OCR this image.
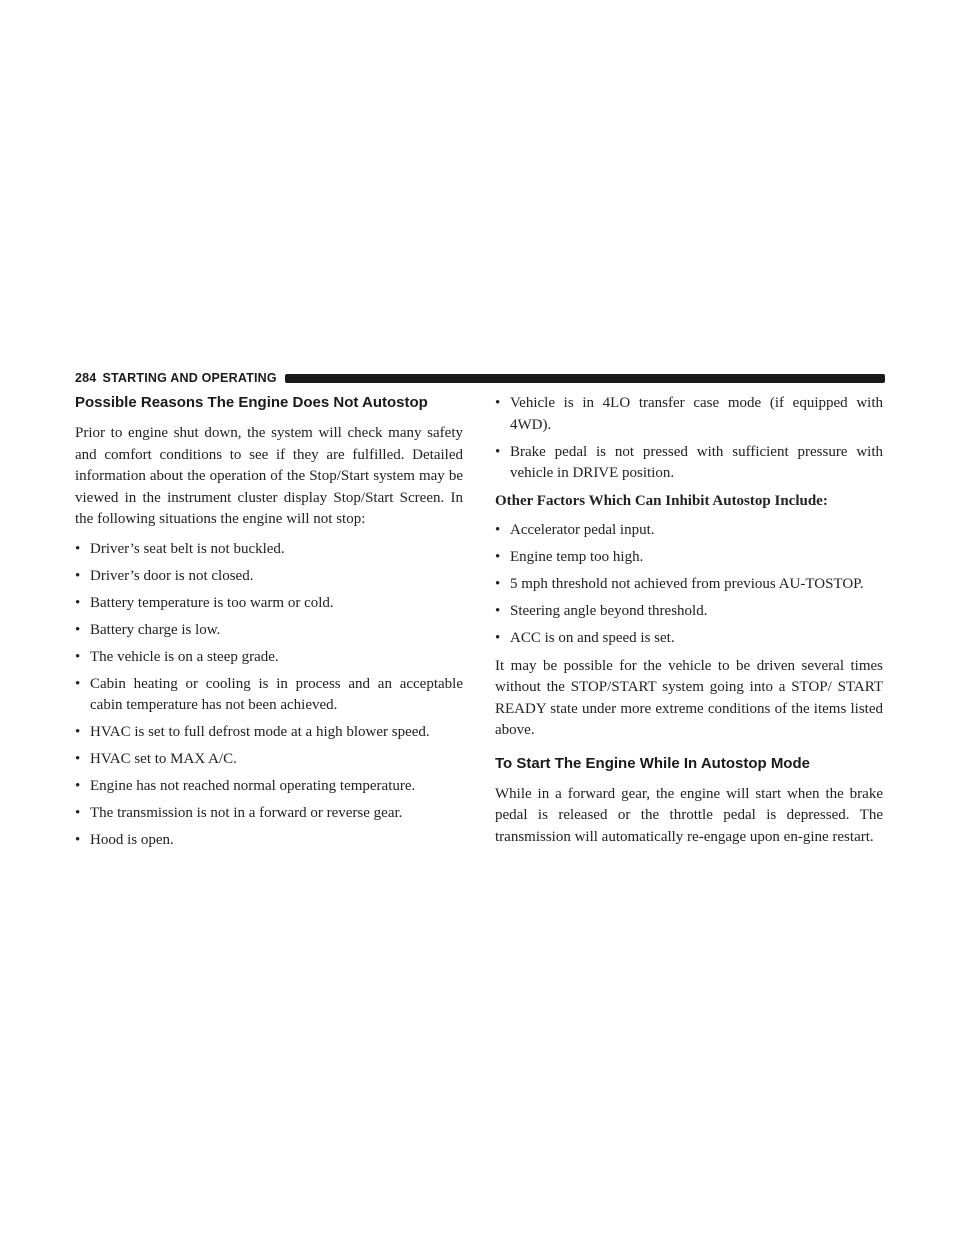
284 STARTING AND OPERATING
Possible Reasons The Engine Does Not Autostop

Prior to engine shut down, the system will check many safety and comfort conditions to see if they are fulfilled. Detailed information about the operation of the Stop/Start system may be viewed in the instrument cluster display Stop/Start Screen. In the following situations the engine will not stop:

• Driver’s seat belt is not buckled.
• Driver’s door is not closed.
• Battery temperature is too warm or cold.
• Battery charge is low.
• The vehicle is on a steep grade.
• Cabin heating or cooling is in process and an acceptable cabin temperature has not been achieved.
• HVAC is set to full defrost mode at a high blower speed.
• HVAC set to MAX A/C.
• Engine has not reached normal operating temperature.
• The transmission is not in a forward or reverse gear.
• Hood is open.
• Vehicle is in 4LO transfer case mode (if equipped with 4WD).
• Brake pedal is not pressed with sufficient pressure with vehicle in DRIVE position.

Other Factors Which Can Inhibit Autostop Include:

• Accelerator pedal input.
• Engine temp too high.
• 5 mph threshold not achieved from previous AU-TOSTOP.
• Steering angle beyond threshold.
• ACC is on and speed is set.

It may be possible for the vehicle to be driven several times without the STOP/START system going into a STOP/ START READY state under more extreme conditions of the items listed above.

To Start The Engine While In Autostop Mode

While in a forward gear, the engine will start when the brake pedal is released or the throttle pedal is depressed. The transmission will automatically re-engage upon en-gine restart.
